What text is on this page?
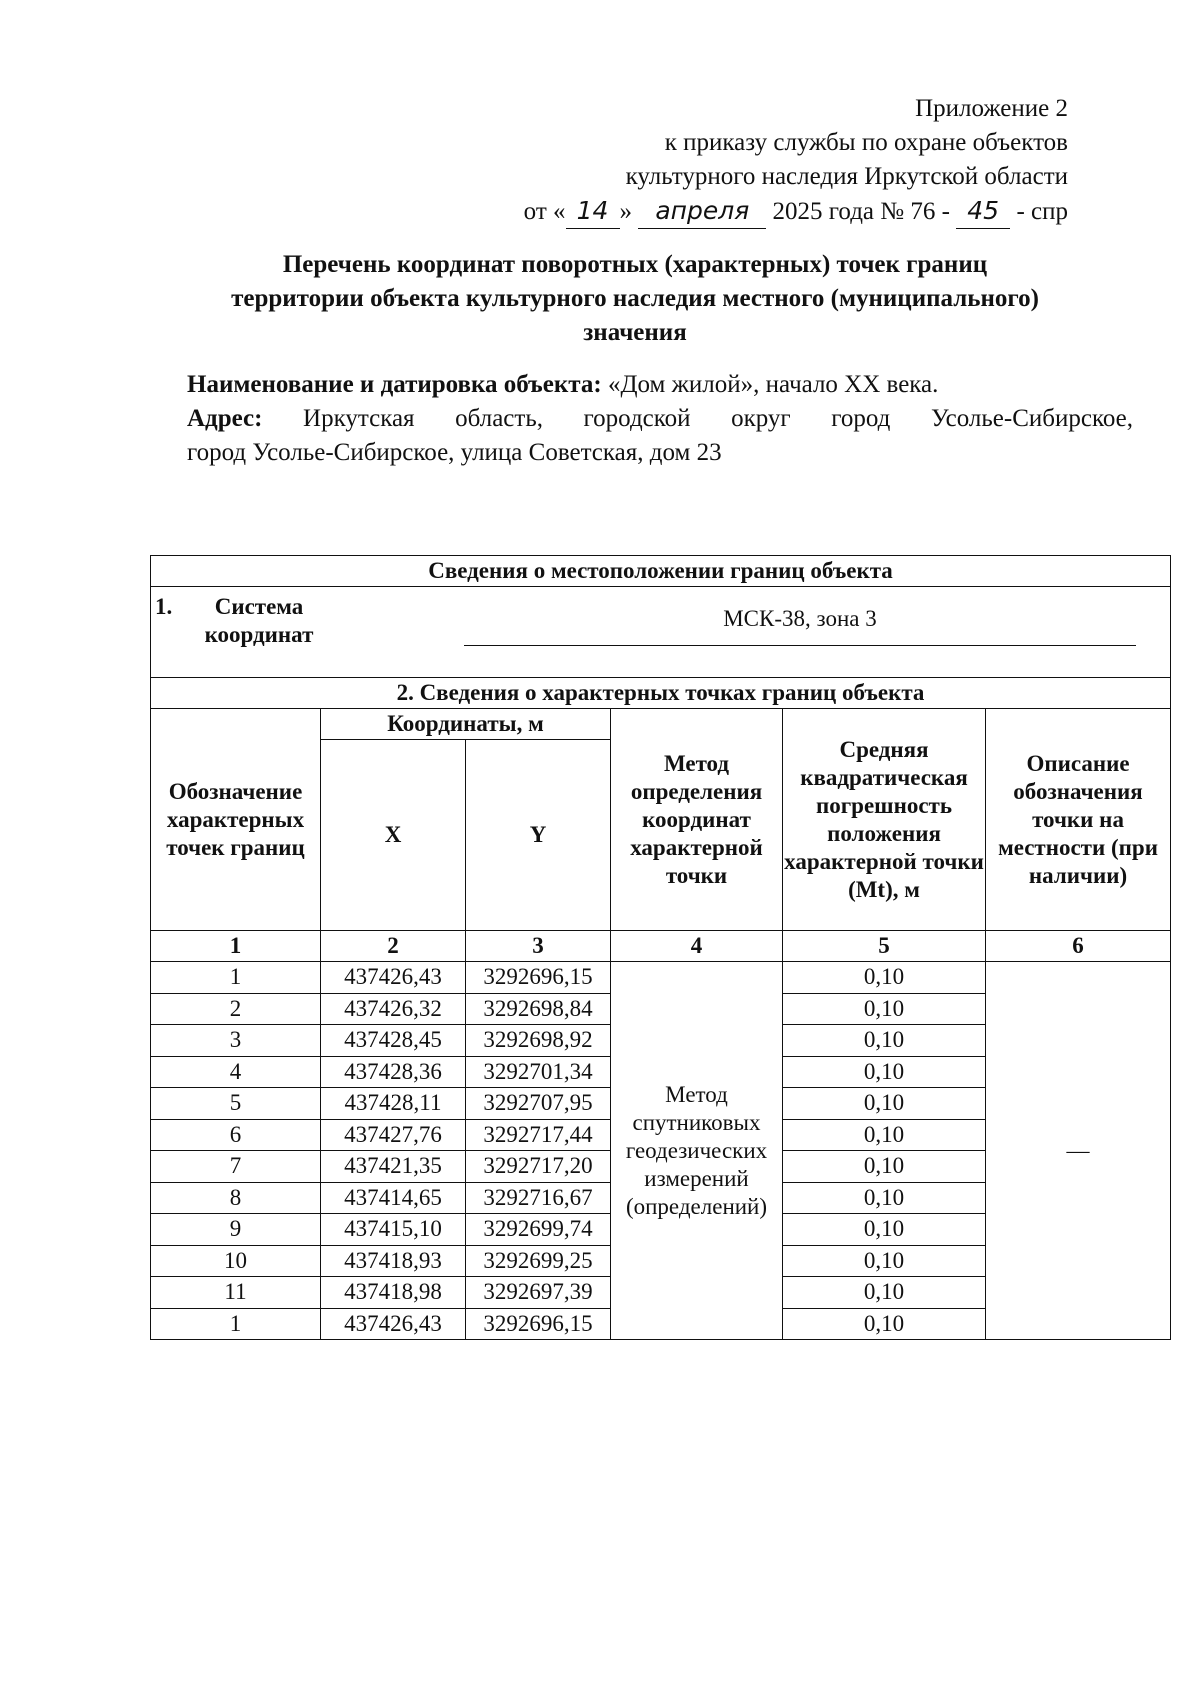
Приложение 2
к приказу службы по охране объектов
культурного наследия Иркутской области
от « 14 » апреля 2025 года № 76 - 45 - спр
Перечень координат поворотных (характерных) точек границ
территории объекта культурного наследия местного (муниципального)
значения
Наименование и датировка объекта: «Дом жилой», начало XX века.
Адрес: Иркутская область, городской округ город Усолье-Сибирское,
город Усолье-Сибирское, улица Советская, дом 23
Сведения о местоположении границ объекта					

1. Система координат
МСК-38, зона 3					

2. Сведения о характерных точках границ объекта					
Обозначение характерных точек границ	Координаты, м		Метод определения координат характерной точки	Средняя квадратическая погрешность положения характерной точки (Mt), м	Описание обозначения точки на местности (при наличии)
	X	Y			
1	2	3	4	5	6
1	437426,43	3292696,15	Метод спутниковых геодезических измерений (определений)	0,10	—
2	437426,32	3292698,84		0,10	
3	437428,45	3292698,92		0,10	
4	437428,36	3292701,34		0,10	
5	437428,11	3292707,95		0,10	
6	437427,76	3292717,44		0,10	
7	437421,35	3292717,20		0,10	
8	437414,65	3292716,67		0,10	
9	437415,10	3292699,74		0,10	
10	437418,93	3292699,25		0,10	
11	437418,98	3292697,39		0,10	
1	437426,43	3292696,15		0,10	
